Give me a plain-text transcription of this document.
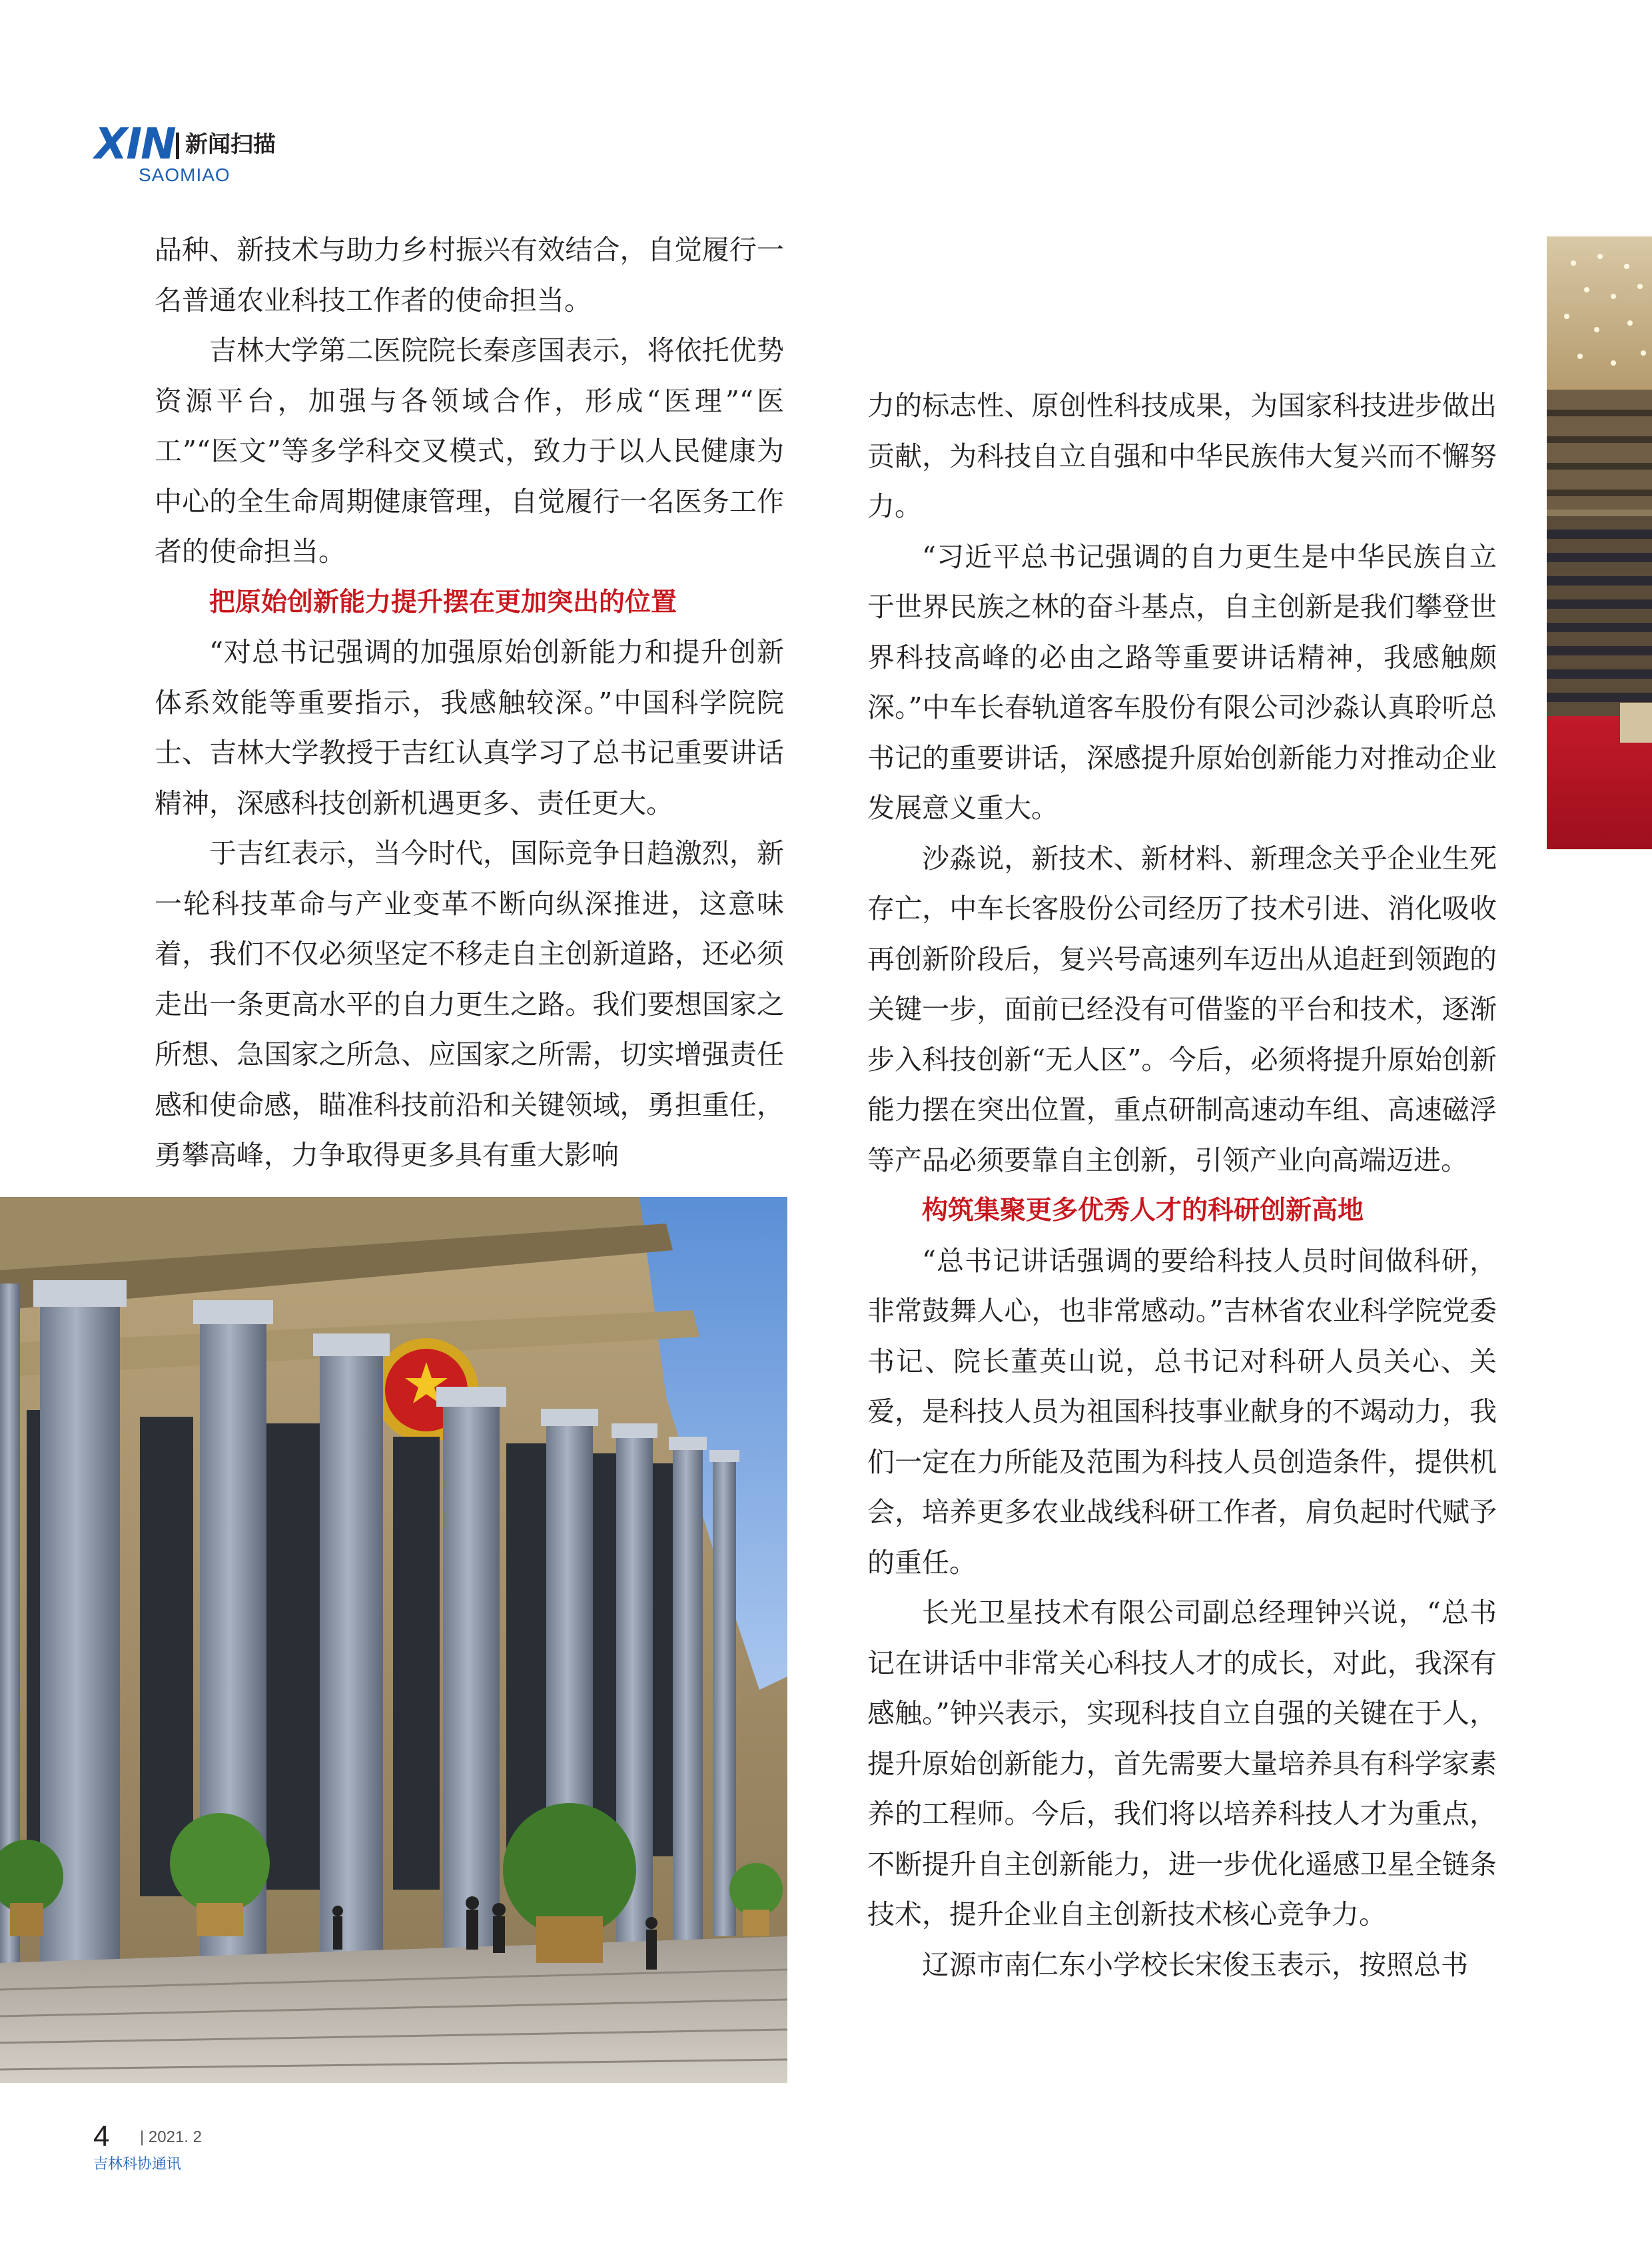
XIN 新闻扫描
SAOMIAO

品种、新技术与助力乡村振兴有效结合，自觉履行一名普通农业科技工作者的使命担当。

吉林大学第二医院院长秦彦国表示，将依托优势资源平台，加强与各领域合作，形成“医理”“医工”“医文”等多学科交叉模式，致力于以人民健康为中心的全生命周期健康管理，自觉履行一名医务工作者的使命担当。

把原始创新能力提升摆在更加突出的位置

“对总书记强调的加强原始创新能力和提升创新体系效能等重要指示，我感触较深。”中国科学院院士、吉林大学教授于吉红认真学习了总书记重要讲话精神，深感科技创新机遇更多、责任更大。

于吉红表示，当今时代，国际竞争日趋激烈，新一轮科技革命与产业变革不断向纵深推进，这意味着，我们不仅必须坚定不移走自主创新道路，还必须走出一条更高水平的自力更生之路。我们要想国家之所想、急国家之所急、应国家之所需，切实增强责任感和使命感，瞄准科技前沿和关键领域，勇担重任，勇攀高峰，力争取得更多具有重大影响

力的标志性、原创性科技成果，为国家科技进步做出贡献，为科技自立自强和中华民族伟大复兴而不懈努力。

“习近平总书记强调的自力更生是中华民族自立于世界民族之林的奋斗基点，自主创新是我们攀登世界科技高峰的必由之路等重要讲话精神，我感触颇深。”中车长春轨道客车股份有限公司沙淼认真聆听总书记的重要讲话，深感提升原始创新能力对推动企业发展意义重大。

沙淼说，新技术、新材料、新理念关乎企业生死存亡，中车长客股份公司经历了技术引进、消化吸收再创新阶段后，复兴号高速列车迈出从追赶到领跑的关键一步，面前已经没有可借鉴的平台和技术，逐渐步入科技创新“无人区”。今后，必须将提升原始创新能力摆在突出位置，重点研制高速动车组、高速磁浮等产品必须要靠自主创新，引领产业向高端迈进。

构筑集聚更多优秀人才的科研创新高地

“总书记讲话强调的要给科技人员时间做科研，非常鼓舞人心，也非常感动。”吉林省农业科学院党委书记、院长董英山说，总书记对科研人员关心、关爱，是科技人员为祖国科技事业献身的不竭动力，我们一定在力所能及范围为科技人员创造条件，提供机会，培养更多农业战线科研工作者，肩负起时代赋予的重任。

长光卫星技术有限公司副总经理钟兴说，“总书记在讲话中非常关心科技人才的成长，对此，我深有感触。”钟兴表示，实现科技自立自强的关键在于人，提升原始创新能力，首先需要大量培养具有科学家素养的工程师。今后，我们将以培养科技人才为重点，不断提升自主创新能力，进一步优化遥感卫星全链条技术，提升企业自主创新技术核心竞争力。

辽源市南仁东小学校长宋俊玉表示，按照总书

4 | 2021. 2
吉林科协通讯
